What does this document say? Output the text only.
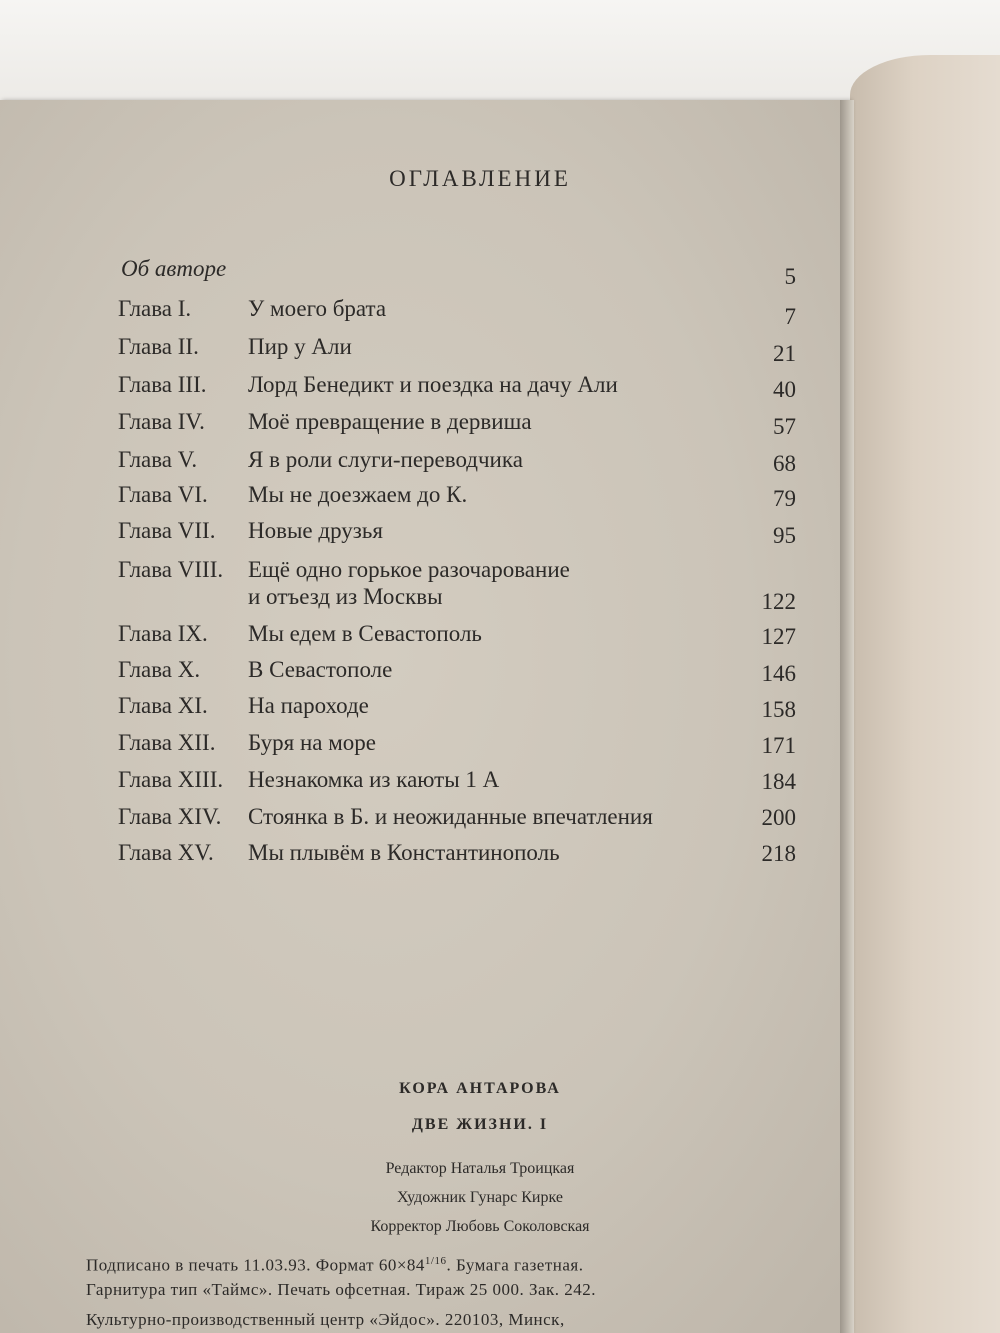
ОГЛАВЛЕНИЕ
Об авторе	5
Глава I. У моего брата	7
Глава II. Пир у Али	21
Глава III. Лорд Бенедикт и поездка на дачу Али	40
Глава IV. Моё превращение в дервиша	57
Глава V. Я в роли слуги-переводчика	68
Глава VI. Мы не доезжаем до К.	79
Глава VII. Новые друзья	95
Глава VIII. Ещё одно горькое разочарование
и отъезд из Москвы	122
Глава IX. Мы едем в Севастополь	127
Глава X. В Севастополе	146
Глава XI. На пароходе	158
Глава XII. Буря на море	171
Глава XIII. Незнакомка из каюты 1 А	184
Глава XIV. Стоянка в Б. и неожиданные впечатления	200
Глава XV. Мы плывём в Константинополь	218
КОРА АНТАРОВА
ДВЕ ЖИЗНИ. I
Редактор Наталья Троицкая
Художник Гунарс Кирке
Корректор Любовь Соколовская
Подписано в печать 11.03.93. Формат $60\times 84^{1/16}$. Бумага газетная.
Гарнитура тип «Таймс». Печать офсетная. Тираж 25 000. Зак. 242.
Культурно-производственный центр «Эйдос». 220103, Минск,
